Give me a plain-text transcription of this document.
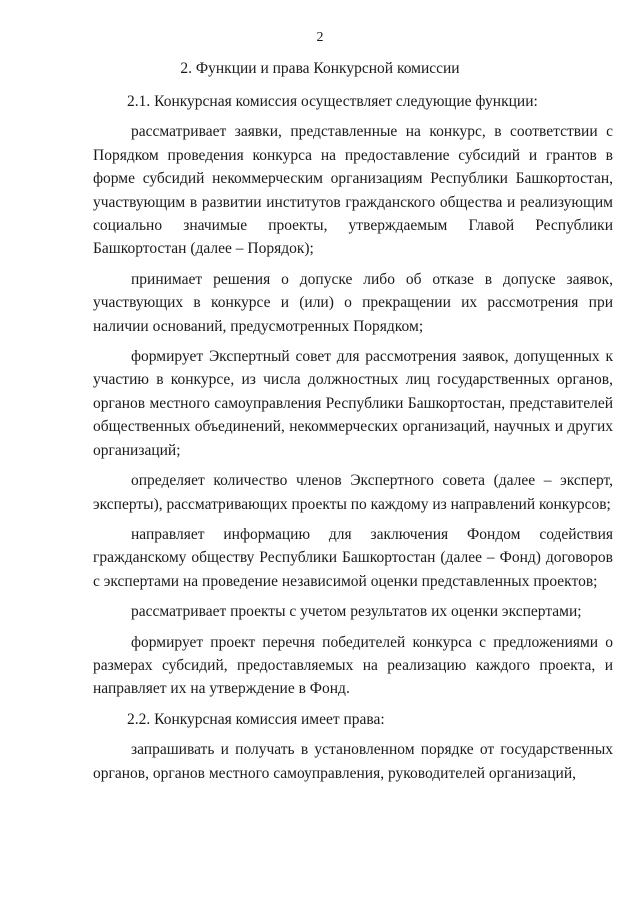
2
2. Функции и права Конкурсной комиссии

2.1. Конкурсная комиссия осуществляет следующие функции:

рассматривает заявки, представленные на конкурс, в соответствии с Порядком проведения конкурса на предоставление субсидий и грантов в форме субсидий некоммерческим организациям Республики Башкортостан, участвующим в развитии институтов гражданского общества и реализующим социально значимые проекты, утверждаемым Главой Республики Башкортостан (далее – Порядок);

принимает решения о допуске либо об отказе в допуске заявок, участвующих в конкурсе и (или) о прекращении их рассмотрения при наличии оснований, предусмотренных Порядком;

формирует Экспертный совет для рассмотрения заявок, допущенных к участию в конкурсе, из числа должностных лиц государственных органов, органов местного самоуправления Республики Башкортостан, представителей общественных объединений, некоммерческих организаций, научных и других организаций;

определяет количество членов Экспертного совета (далее – эксперт, эксперты), рассматривающих проекты по каждому из направлений конкурсов;

направляет информацию для заключения Фондом содействия гражданскому обществу Республики Башкортостан (далее – Фонд) договоров с экспертами на проведение независимой оценки представленных проектов;

рассматривает проекты с учетом результатов их оценки экспертами;

формирует проект перечня победителей конкурса с предложениями о размерах субсидий, предоставляемых на реализацию каждого проекта, и направляет их на утверждение в Фонд.

2.2. Конкурсная комиссия имеет права:

запрашивать и получать в установленном порядке от государственных органов, органов местного самоуправления, руководителей организаций,
